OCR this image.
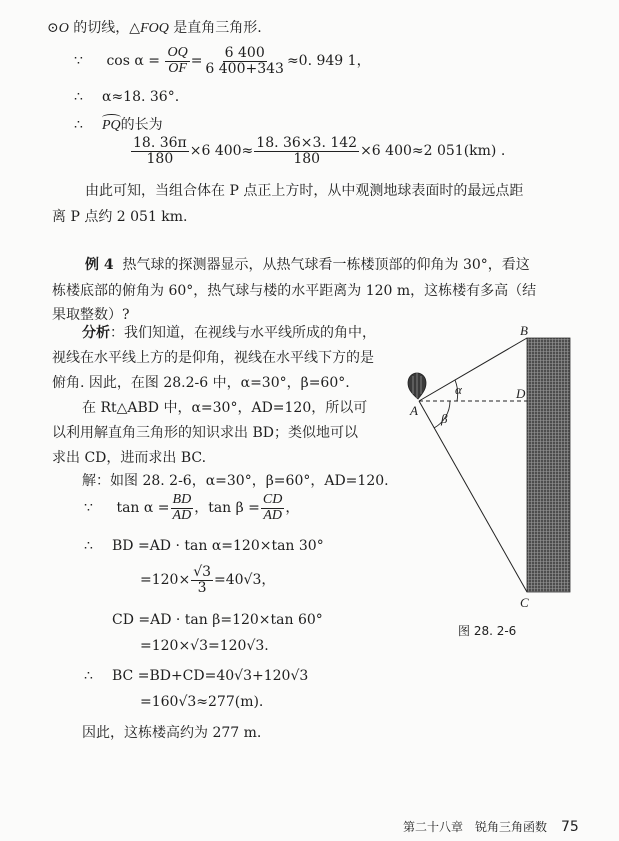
⊙O 的切线，△FOQ 是直角三角形.
∵ $\cos \alpha = \frac{OQ}{OF} = \frac{6 400}{6 400+343} \approx 0$. 949 1，
∴ α≈18. 36°.
∴ PQ的长为
$\frac{18. 36\pi}{180} \times 6$ $400\approx \frac{18. 36\times 3. 142}{180} \times 6$ 400≈2 051(km) .
由此可知，当组合体在 P 点正上方时，从中观测地球表面时的最远点距
离 P 点约 2 051 km.
例 4 热气球的探测器显示，从热气球看一栋楼顶部的仰角为 30°，看这
栋楼底部的俯角为 60°，热气球与楼的水平距离为 120 m，这栋楼有多高（结
果取整数）?
分析：我们知道，在视线与水平线所成的角中，
视线在水平线上方的是仰角，视线在水平线下方的是
俯角. 因此，在图 28.2-6 中，α=30°，β=60°.
在 Rt△ABD 中，α=30°，AD=120，所以可
以利用解直角三角形的知识求出 BD；类似地可以
求出 CD，进而求出 BC.
解：如图 28. 2-6，α=30°，β=60°，AD=120.
∵ $\tan \alpha = \frac{BD}{AD}$ ，$\tan \beta = \frac{CD}{AD}$ ，
∴ BD =AD · tan α=120×tan 30°
$=120\times \frac{√3}{3} =40√3$，
CD =AD · tan β=120×tan 60°
=120×√3=120√3.
∴ BC =BD+CD=40√3+120√3
=160√3≈277(m).
因此，这栋楼高约为 277 m.
A
B
C
D
α
β
图 28. 2-6
第二十八章　锐角三角函数 75
